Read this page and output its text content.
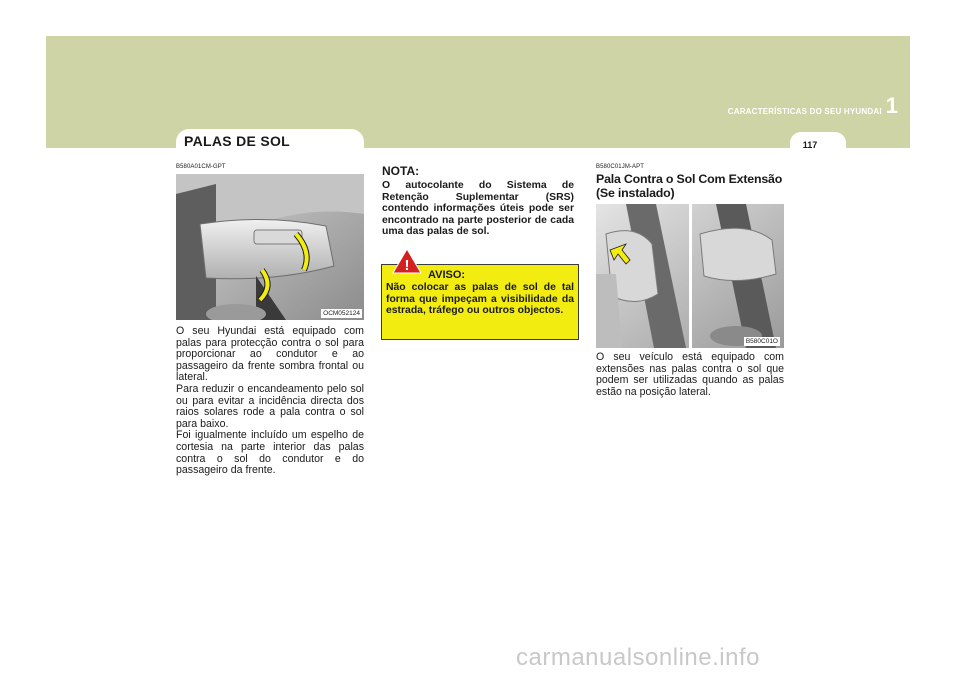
CARACTERÍSTICAS DO SEU HYUNDAI 1
117
PALAS DE SOL
B580A01CM-GPT
OCM052124

O seu Hyundai está equipado com palas para protecção contra o sol para proporcionar ao condutor e ao passageiro da frente sombra frontal ou lateral.

Para reduzir o encandeamento pelo sol ou para evitar a incidência directa dos raios solares rode a pala contra o sol para baixo.

Foi igualmente incluído um espelho de cortesia na parte interior das palas contra o sol do condutor e do passageiro da frente.

NOTA:
O autocolante do Sistema de Retenção Suplementar (SRS) contendo informações úteis pode ser encontrado na parte posterior de cada uma das palas de sol.
AVISO:
Não colocar as palas de sol de tal forma que impeçam a visibilidade da estrada, tráfego ou outros objectos.
!
B580C01JM-APT
Pala Contra o Sol Com Extensão (Se instalado)
B580C01O
O seu veículo está equipado com extensões nas palas contra o sol que podem ser utilizadas quando as palas estão na posição lateral.
carmanualsonline.info
